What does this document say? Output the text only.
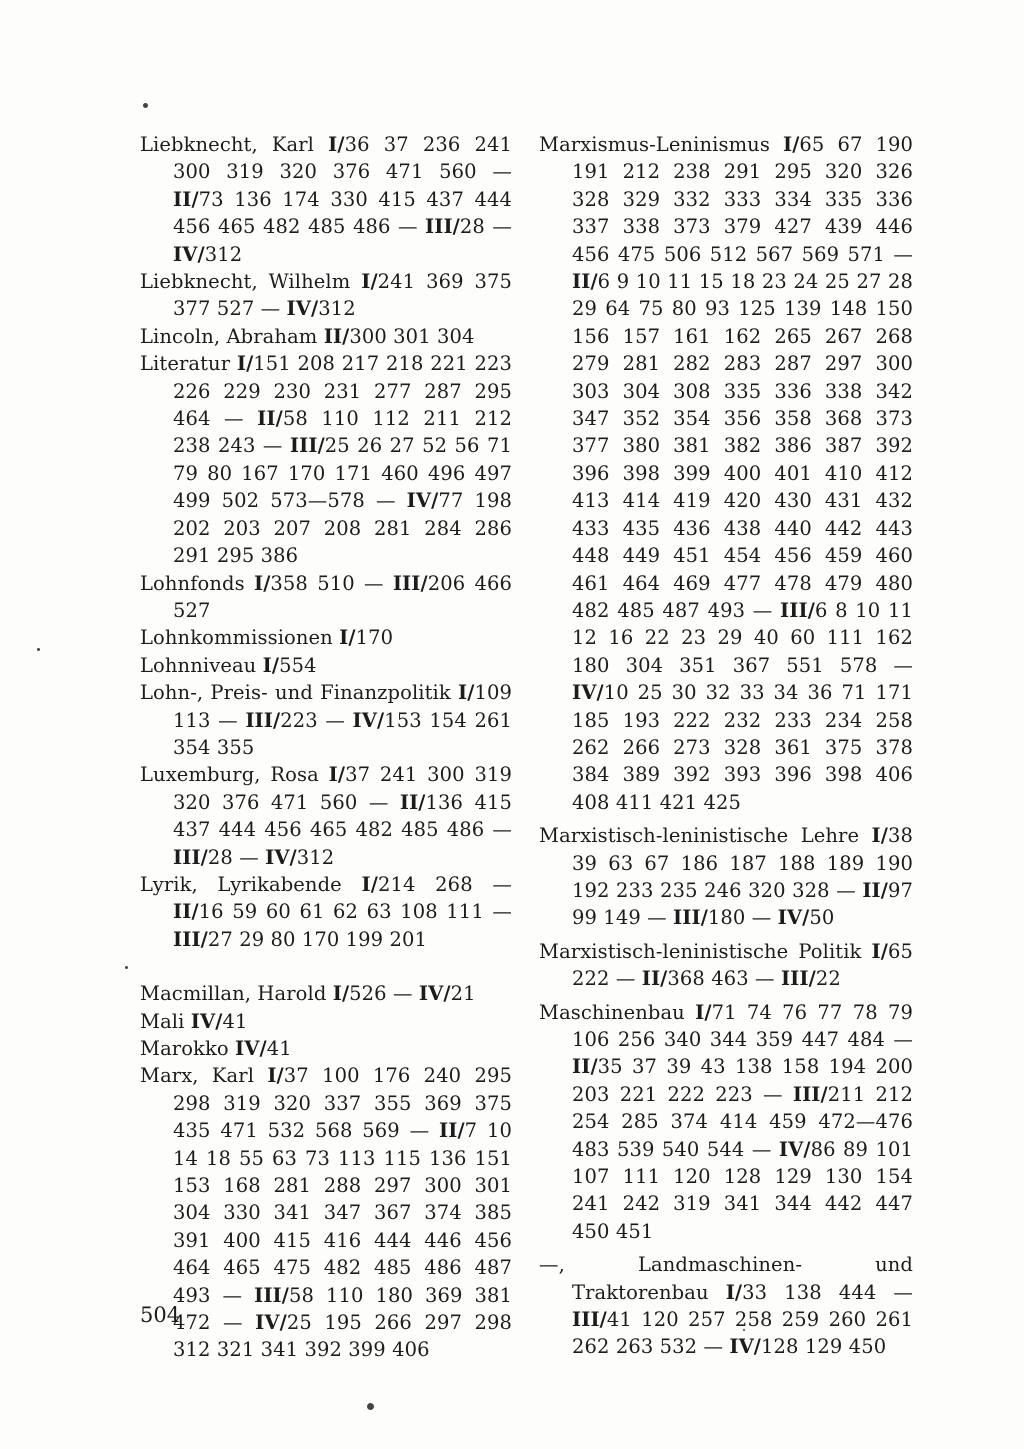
Liebknecht, Karl I/36 37 236 241 300 319 320 376 471 560 — II/73 136 174 330 415 437 444 456 465 482 485 486 — III/28 — IV/312

Liebknecht, Wilhelm I/241 369 375 377 527 — IV/312

Lincoln, Abraham II/300 301 304

Literatur I/151 208 217 218 221 223 226 229 230 231 277 287 295 464 — II/58 110 112 211 212 238 243 — III/25 26 27 52 56 71 79 80 167 170 171 460 496 497 499 502 573—578 — IV/77 198 202 203 207 208 281 284 286 291 295 386

Lohnfonds I/358 510 — III/206 466 527

Lohnkommissionen I/170

Lohnniveau I/554

Lohn-, Preis- und Finanzpolitik I/109 113 — III/223 — IV/153 154 261 354 355

Luxemburg, Rosa I/37 241 300 319 320 376 471 560 — II/136 415 437 444 456 465 482 485 486 — III/28 — IV/312

Lyrik, Lyrikabende I/214 268 — II/16 59 60 61 62 63 108 111 — III/27 29 80 170 199 201

Macmillan, Harold I/526 — IV/21

Mali IV/41

Marokko IV/41

Marx, Karl I/37 100 176 240 295 298 319 320 337 355 369 375 435 471 532 568 569 — II/7 10 14 18 55 63 73 113 115 136 151 153 168 281 288 297 300 301 304 330 341 347 367 374 385 391 400 415 416 444 446 456 464 465 475 482 485 486 487 493 — III/58 110 180 369 381 472 — IV/25 195 266 297 298 312 321 341 392 399 406

Marxismus-Leninismus I/65 67 190 191 212 238 291 295 320 326 328 329 332 333 334 335 336 337 338 373 379 427 439 446 456 475 506 512 567 569 571 — II/6 9 10 11 15 18 23 24 25 27 28 29 64 75 80 93 125 139 148 150 156 157 161 162 265 267 268 279 281 282 283 287 297 300 303 304 308 335 336 338 342 347 352 354 356 358 368 373 377 380 381 382 386 387 392 396 398 399 400 401 410 412 413 414 419 420 430 431 432 433 435 436 438 440 442 443 448 449 451 454 456 459 460 461 464 469 477 478 479 480 482 485 487 493 — III/6 8 10 11 12 16 22 23 29 40 60 111 162 180 304 351 367 551 578 — IV/10 25 30 32 33 34 36 71 171 185 193 222 232 233 234 258 262 266 273 328 361 375 378 384 389 392 393 396 398 406 408 411 421 425

Marxistisch-leninistische Lehre I/38 39 63 67 186 187 188 189 190 192 233 235 246 320 328 — II/97 99 149 — III/180 — IV/50

Marxistisch-leninistische Politik I/65 222 — II/368 463 — III/22

Maschinenbau I/71 74 76 77 78 79 106 256 340 344 359 447 484 — II/35 37 39 43 138 158 194 200 203 221 222 223 — III/211 212 254 285 374 414 459 472—476 483 539 540 544 — IV/86 89 101 107 111 120 128 129 130 154 241 242 319 341 344 442 447 450 451

—, Landmaschinen- und Traktorenbau I/33 138 444 — III/41 120 257 258 259 260 261 262 263 532 — IV/128 129 450

504
